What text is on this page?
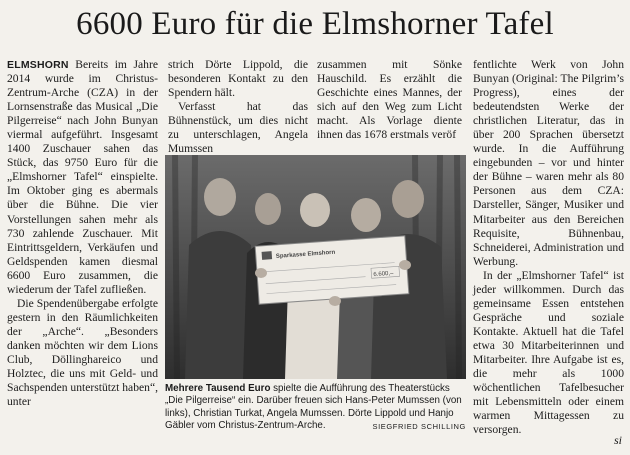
6600 Euro für die Elmshorner Tafel

ELMSHORN Bereits im Jahre 2014 wurde im Christus-Zentrum-Arche (CZA) in der Lornsenstraße das Musical „Die Pilgerreise“ nach John Bunyan viermal aufgeführt. Insgesamt 1400 Zuschauer sahen das Stück, das 9750 Euro für die „Elmshorner Tafel“ einspielte. Im Oktober ging es abermals über die Bühne. Die vier Vorstellungen sahen mehr als 730 zahlende Zuschauer. Mit Eintrittsgeldern, Verkäufen und Geldspenden kamen diesmal 6600 Euro zusammen, die wiederum der Tafel zufließen.

Die Spendenübergabe erfolgte gestern in den Räumlichkeiten der „Arche“. „Besonders danken möchten wir dem Lions Club, Döllinghareico und Holztec, die uns mit Geld- und Sachspenden unterstützt haben“, unter

strich Dörte Lippold, die besonderen Kontakt zu den Spendern hält.

Verfasst hat das Bühnenstück, um dies nicht zu unterschlagen, Angela Mumssen

zusammen mit Sönke Hauschild. Es erzählt die Geschichte eines Mannes, der sich auf den Weg zum Licht macht. Als Vorlage diente ihnen das 1678 erstmals veröf

fentlichte Werk von John Bunyan (Original: The Pilgrim’s Progress), eines der bedeutendsten Werke der christlichen Literatur, das in über 200 Sprachen übersetzt wurde. In die Aufführung eingebunden – vor und hinter der Bühne – waren mehr als 80 Personen aus dem CZA: Darsteller, Sänger, Musiker und Mitarbeiter aus den Bereichen Requisite, Bühnenbau, Schneiderei, Administration und Werbung.

In der „Elmshorner Tafel“ ist jeder willkommen. Durch das gemeinsame Essen entstehen Gespräche und soziale Kontakte. Aktuell hat die Tafel etwa 30 Mitarbeiterinnen und Mitarbeiter. Ihre Aufgabe ist es, die mehr als 1000 wöchentlichen Tafelbesucher mit Lebensmitteln oder einem warmen Mittagessen zu versorgen.

si
Sparkasse Elmshorn
6.600,–
Mehrere Tausend Euro spielte die Aufführung des Theaterstücks „Die Pilgerreise“ ein. Darüber freuen sich Hans-Peter Mumssen (von links), Christian Turkat, Angela Mumssen. Dörte Lippold und Hanjo Gäbler vom Christus-Zentrum-Arche.	SIEGFRIED SCHILLING
